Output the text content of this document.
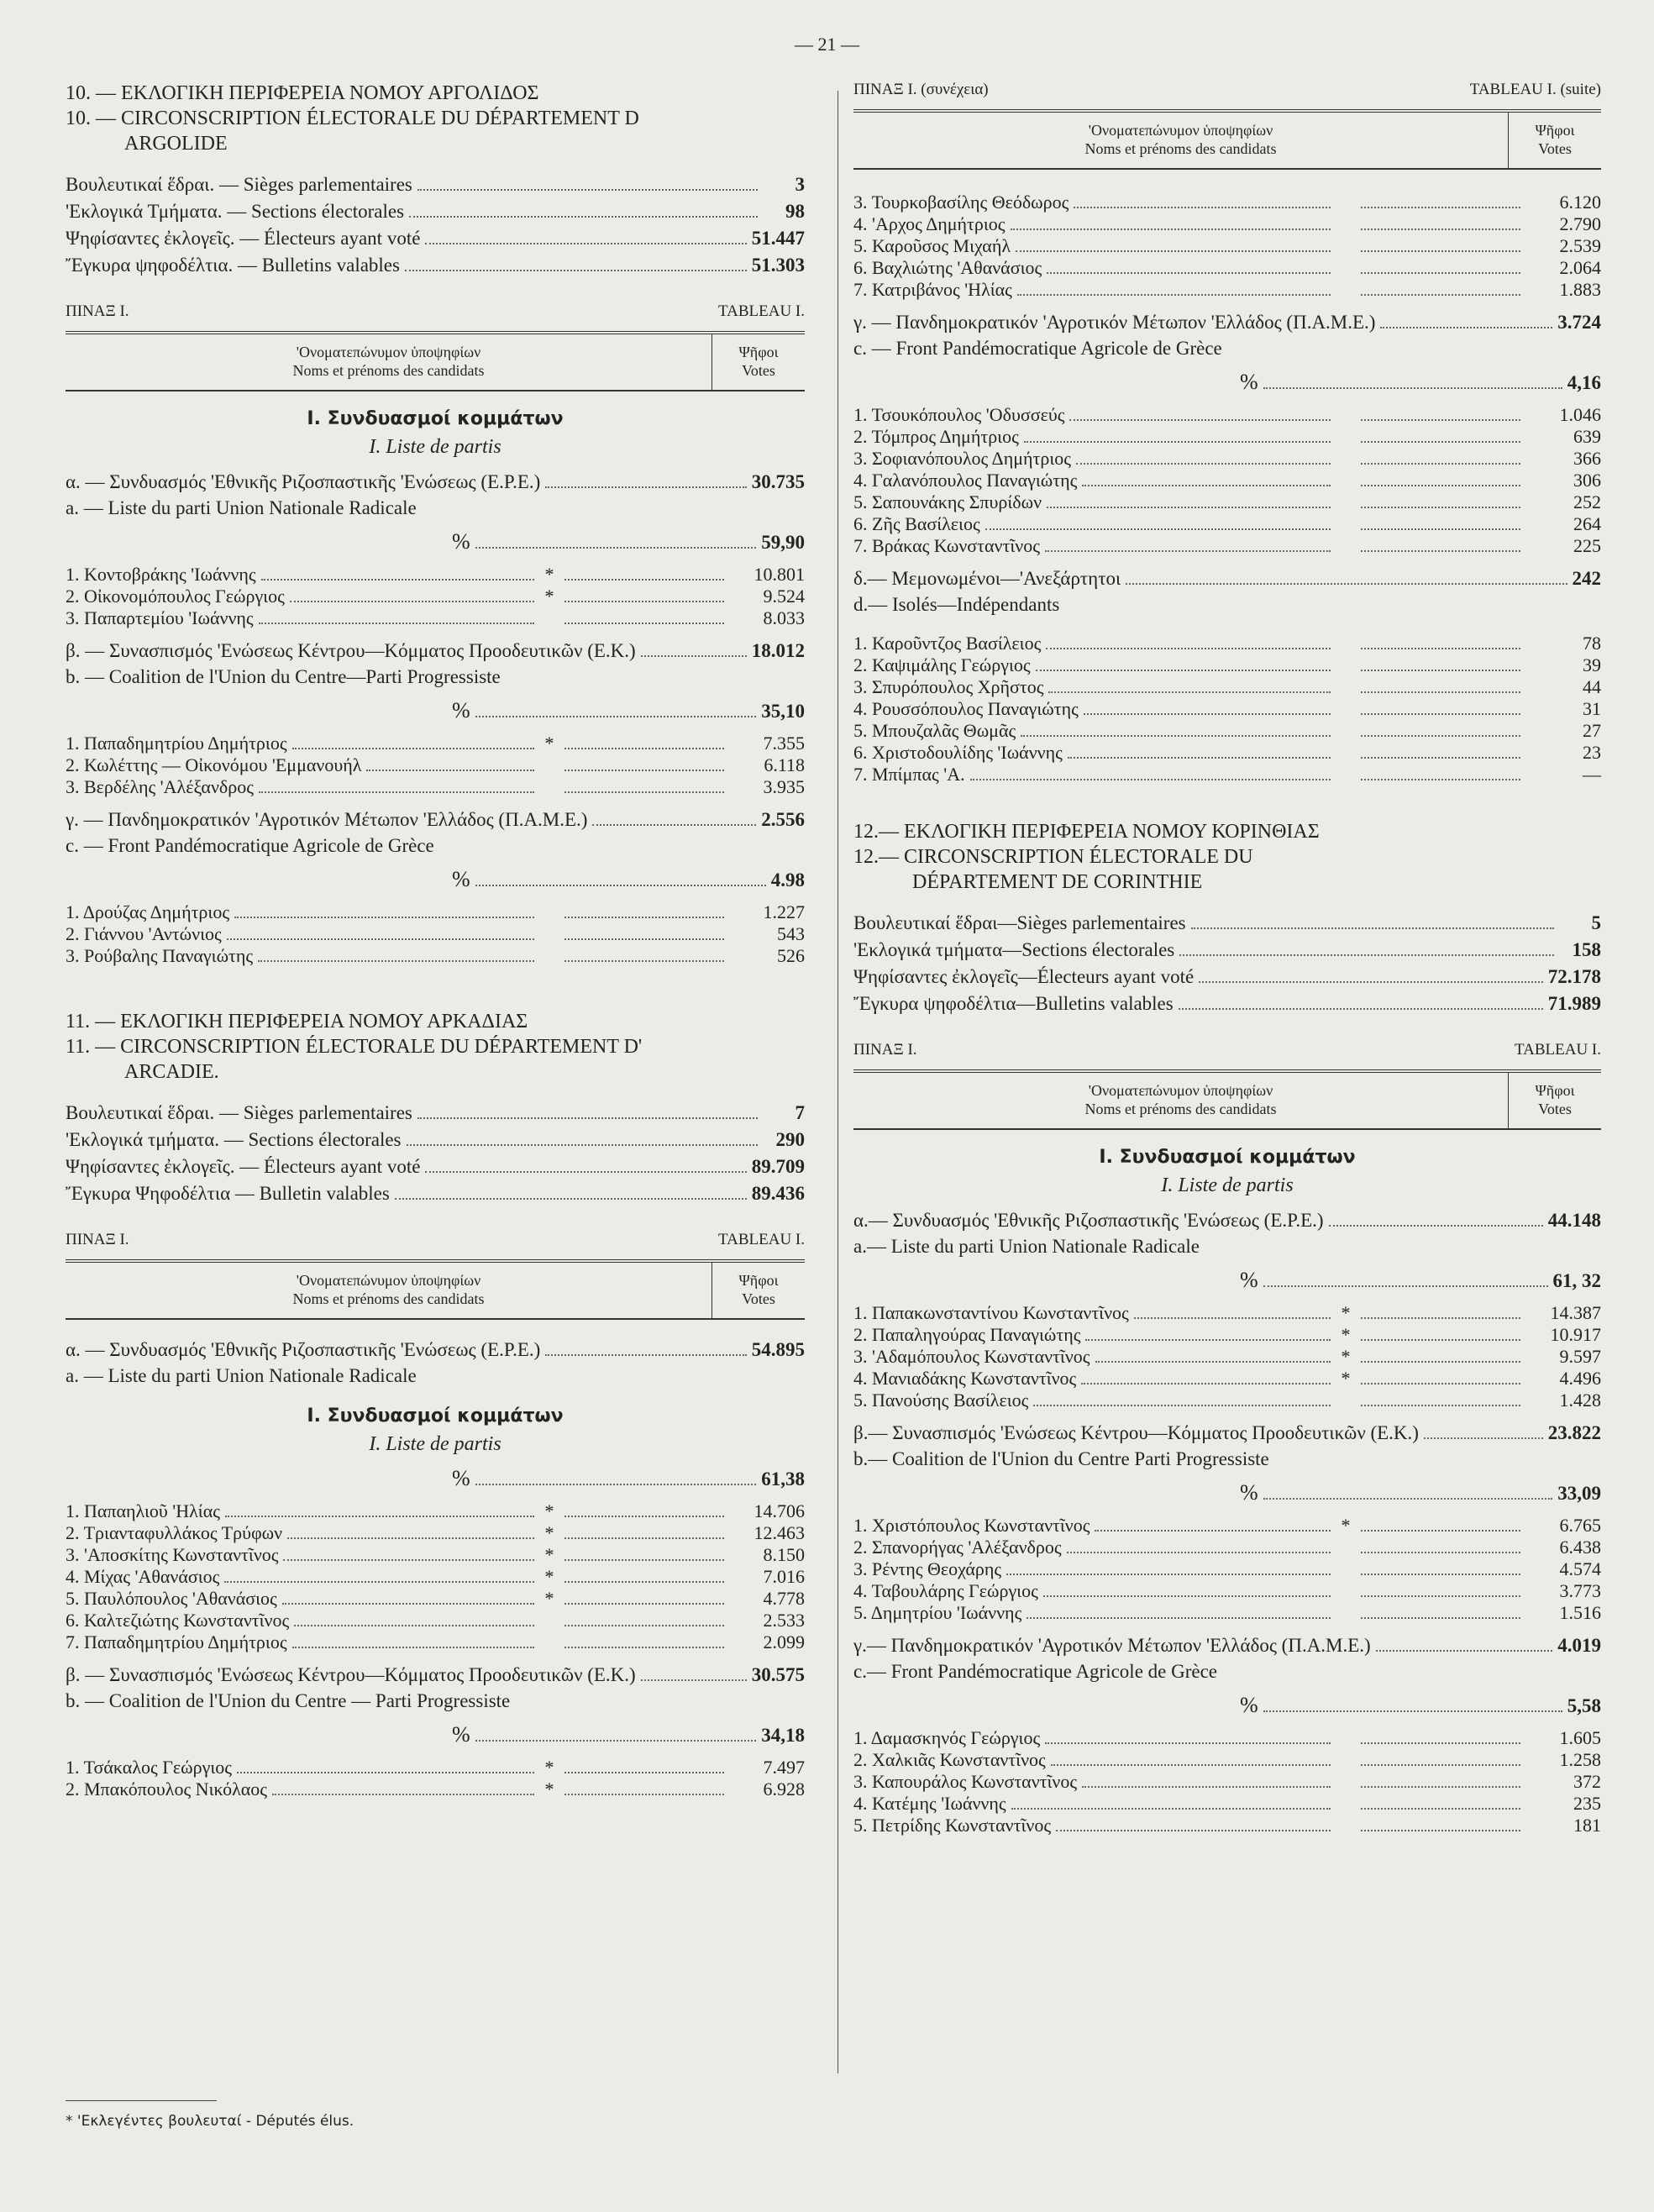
— 21 —
10. — ΕΚΛΟΓΙΚΗ ΠΕΡΙΦΕΡΕΙΑ ΝΟΜΟΥ ΑΡΓΟΛΙΔΟΣ
10. — CIRCONSCRIPTION ÉLECTORALE DU DÉPARTEMENT D
ARGOLIDE
Βουλευτικαί ἕδραι. — Sièges parlementaires	3
'Εκλογικά Τμήματα. — Sections électorales	98
Ψηφίσαντες ἐκλογεῖς. — Électeurs ayant voté	51.447
Ἔγκυρα ψηφοδέλτια. — Bulletins valables	51.303
ΠΙΝΑΞ Ι.	TABLEAU I.
'Ονοματεπώνυμον ὑποψηφίων
Noms et prénoms des candidats
Ψῆφοι
Votes
I. Συνδυασμοί κομμάτων
I. Liste de partis
α. — Συνδυασμός 'Εθνικῆς Ριζοσπαστικῆς 'Ενώσεως (Ε.Ρ.Ε.)	30.735
a. — Liste du parti Union Nationale Radicale
%	59,90
1. Κοντοβράκης 'Ιωάννης	*	10.801
2. Οἰκονομόπουλος Γεώργιος	*	9.524
3. Παπαρτεμίου 'Ιωάννης	8.033
β. — Συνασπισμός 'Ενώσεως Κέντρου—Κόμματος Προοδευτικῶν (Ε.Κ.)	18.012
b. — Coalition de l'Union du Centre—Parti Progressiste
%	35,10
1. Παπαδημητρίου Δημήτριος	*	7.355
2. Κωλέττης — Οἰκονόμου 'Εμμανουήλ	6.118
3. Βερδέλης 'Αλέξανδρος	3.935
γ. — Πανδημοκρατικόν 'Αγροτικόν Μέτωπον 'Ελλάδος (Π.Α.Μ.Ε.)	2.556
c. — Front Pandémocratique Agricole de Grèce
%	4.98
1. Δρούζας Δημήτριος	1.227
2. Γιάννου 'Αντώνιος	543
3. Ρούβαλης Παναγιώτης	526
11. — ΕΚΛΟΓΙΚΗ ΠΕΡΙΦΕΡΕΙΑ ΝΟΜΟΥ ΑΡΚΑΔΙΑΣ
11. — CIRCONSCRIPTION ÉLECTORALE DU DÉPARTEMENT D'
ARCADIE.
Βουλευτικαί ἕδραι. — Sièges parlementaires	7
'Εκλογικά τμήματα. — Sections électorales	290
Ψηφίσαντες ἐκλογεῖς. — Électeurs ayant voté	89.709
Ἔγκυρα Ψηφοδέλτια — Bulletin valables	89.436
ΠΙΝΑΞ Ι.	TABLEAU I.
'Ονοματεπώνυμον ὑποψηφίων
Noms et prénoms des candidats
Ψῆφοι
Votes
α. — Συνδυασμός 'Εθνικῆς Ριζοσπαστικῆς 'Ενώσεως (Ε.Ρ.Ε.)	54.895
a. — Liste du parti Union Nationale Radicale
I. Συνδυασμοί κομμάτων
I. Liste de partis
%	61,38
1. Παπαηλιοῦ 'Ηλίας	*	14.706
2. Τριανταφυλλάκος Τρύφων	*	12.463
3. 'Αποσκίτης Κωνσταντῖνος	*	8.150
4. Μίχας 'Αθανάσιος	*	7.016
5. Παυλόπουλος 'Αθανάσιος	*	4.778
6. Καλτεζιώτης Κωνσταντῖνος	2.533
7. Παπαδημητρίου Δημήτριος	2.099
β. — Συνασπισμός 'Ενώσεως Κέντρου—Κόμματος Προοδευτικῶν (Ε.Κ.)	30.575
b. — Coalition de l'Union du Centre — Parti Progressiste
%	34,18
1. Τσάκαλος Γεώργιος	*	7.497
2. Μπακόπουλος Νικόλαος	*	6.928
ΠΙΝΑΞ Ι. (συνέχεια)	TABLEAU I. (suite)
'Ονοματεπώνυμον ὑποψηφίων
Noms et prénoms des candidats
Ψῆφοι
Votes
3. Τουρκοβασίλης Θεόδωρος	6.120
4. 'Αρχος Δημήτριος	2.790
5. Καροῦσος Μιχαήλ	2.539
6. Βαχλιώτης 'Αθανάσιος	2.064
7. Κατριβάνος 'Ηλίας	1.883
γ. — Πανδημοκρατικόν 'Αγροτικόν Μέτωπον 'Ελλάδος (Π.Α.Μ.Ε.)	3.724
c. — Front Pandémocratique Agricole de Grèce
%	4,16
1. Τσουκόπουλος 'Οδυσσεύς	1.046
2. Τόμπρος Δημήτριος	639
3. Σοφιανόπουλος Δημήτριος	366
4. Γαλανόπουλος Παναγιώτης	306
5. Σαπουνάκης Σπυρίδων	252
6. Ζῆς Βασίλειος	264
7. Βράκας Κωνσταντῖνος	225
δ.— Μεμονωμένοι—'Ανεξάρτητοι	242
d.— Isolés—Indépendants
1. Καροῦντζος Βασίλειος	78
2. Καψιμάλης Γεώργιος	39
3. Σπυρόπουλος Χρῆστος	44
4. Ρουσσόπουλος Παναγιώτης	31
5. Μπουζαλᾶς Θωμᾶς	27
6. Χριστοδουλίδης 'Ιωάννης	23
7. Μπίμπας 'Α.	—
12.— ΕΚΛΟΓΙΚΗ ΠΕΡΙΦΕΡΕΙΑ ΝΟΜΟΥ ΚΟΡΙΝΘΙΑΣ
12.— CIRCONSCRIPTION ÉLECTORALE DU
DÉPARTEMENT DE CORINTHIE
Βουλευτικαί ἕδραι—Sièges parlementaires	5
'Εκλογικά τμήματα—Sections électorales	158
Ψηφίσαντες ἐκλογεῖς—Électeurs ayant voté	72.178
Ἔγκυρα ψηφοδέλτια—Bulletins valables	71.989
ΠΙΝΑΞ Ι.	TABLEAU I.
'Ονοματεπώνυμον ὑποψηφίων
Noms et prénoms des candidats
Ψῆφοι
Votes
I. Συνδυασμοί κομμάτων
I. Liste de partis
α.— Συνδυασμός 'Εθνικῆς Ριζοσπαστικῆς 'Ενώσεως (Ε.Ρ.Ε.)	44.148
a.— Liste du parti Union Nationale Radicale
%	61, 32
1. Παπακωνσταντίνου Κωνσταντῖνος	*	14.387
2. Παπαληγούρας Παναγιώτης	*	10.917
3. 'Αδαμόπουλος Κωνσταντῖνος	*	9.597
4. Μανιαδάκης Κωνσταντῖνος	*	4.496
5. Πανούσης Βασίλειος	1.428
β.— Συνασπισμός 'Ενώσεως Κέντρου—Κόμματος Προοδευτικῶν (Ε.Κ.)	23.822
b.— Coalition de l'Union du Centre Parti Progressiste
%	33,09
1. Χριστόπουλος Κωνσταντῖνος	*	6.765
2. Σπανορήγας 'Αλέξανδρος	6.438
3. Ρέντης Θεοχάρης	4.574
4. Ταβουλάρης Γεώργιος	3.773
5. Δημητρίου 'Ιωάννης	1.516
γ.— Πανδημοκρατικόν 'Αγροτικόν Μέτωπον 'Ελλάδος (Π.Α.Μ.Ε.)	4.019
c.— Front Pandémocratique Agricole de Grèce
%	5,58
1. Δαμασκηνός Γεώργιος	1.605
2. Χαλκιᾶς Κωνσταντῖνος	1.258
3. Καπουράλος Κωνσταντῖνος	372
4. Κατέμης 'Ιωάννης	235
5. Πετρίδης Κωνσταντῖνος	181
* 'Εκλεγέντες βουλευταί - Députés élus.
